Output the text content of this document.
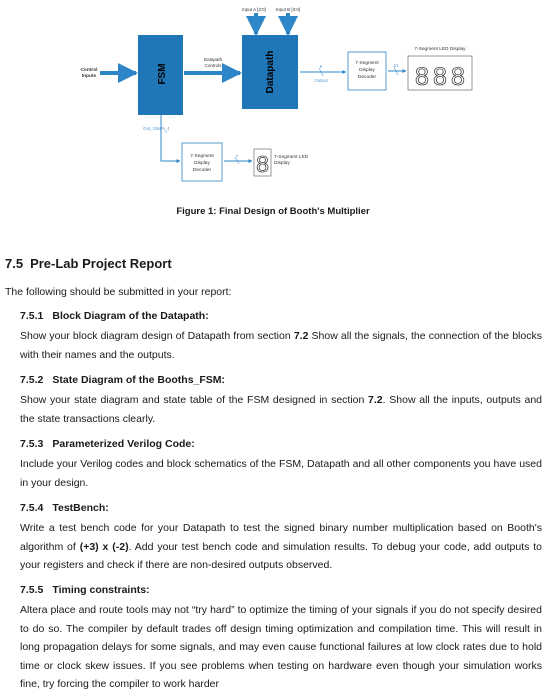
Input A [3:0] Input B [3:0]
Control
Inputs	FSM
Datapath
Controls	Datapath	8
Output
7-Segment
Display
Decoder
21
7-Segment LED Display
8 8 8
Out_State 4
7-Segment
Display
Decoder
7 8 7-Segment LED
Display
Figure 1: Final Design of Booth's Multiplier
7.5 Pre-Lab Project Report
The following should be submitted in your report:
7.5.1 Block Diagram of the Datapath:
Show your block diagram design of Datapath from section 7.2 Show all the signals, the connection of the blocks with their names and the outputs.
7.5.2 State Diagram of the Booths_FSM:
Show your state diagram and state table of the FSM designed in section 7.2. Show all the inputs, outputs and the state transactions clearly.
7.5.3 Parameterized Verilog Code:
Include your Verilog codes and block schematics of the FSM, Datapath and all other components you have used in your design.
7.5.4 TestBench:
Write a test bench code for your Datapath to test the signed binary number multiplication based on Booth's algorithm of (+3) x (-2). Add your test bench code and simulation results. To debug your code, add outputs to your registers and check if there are non-desired outputs observed.
7.5.5 Timing constraints:
Altera place and route tools may not “try hard” to optimize the timing of your signals if you do not specify desired to do so. The compiler by default trades off design timing optimization and compilation time. This will result in long propagation delays for some signals, and may even cause functional failures at low clock rates due to hold time or clock skew issues. If you see problems when testing on hardware even though your simulation works fine, try forcing the compiler to work harder
